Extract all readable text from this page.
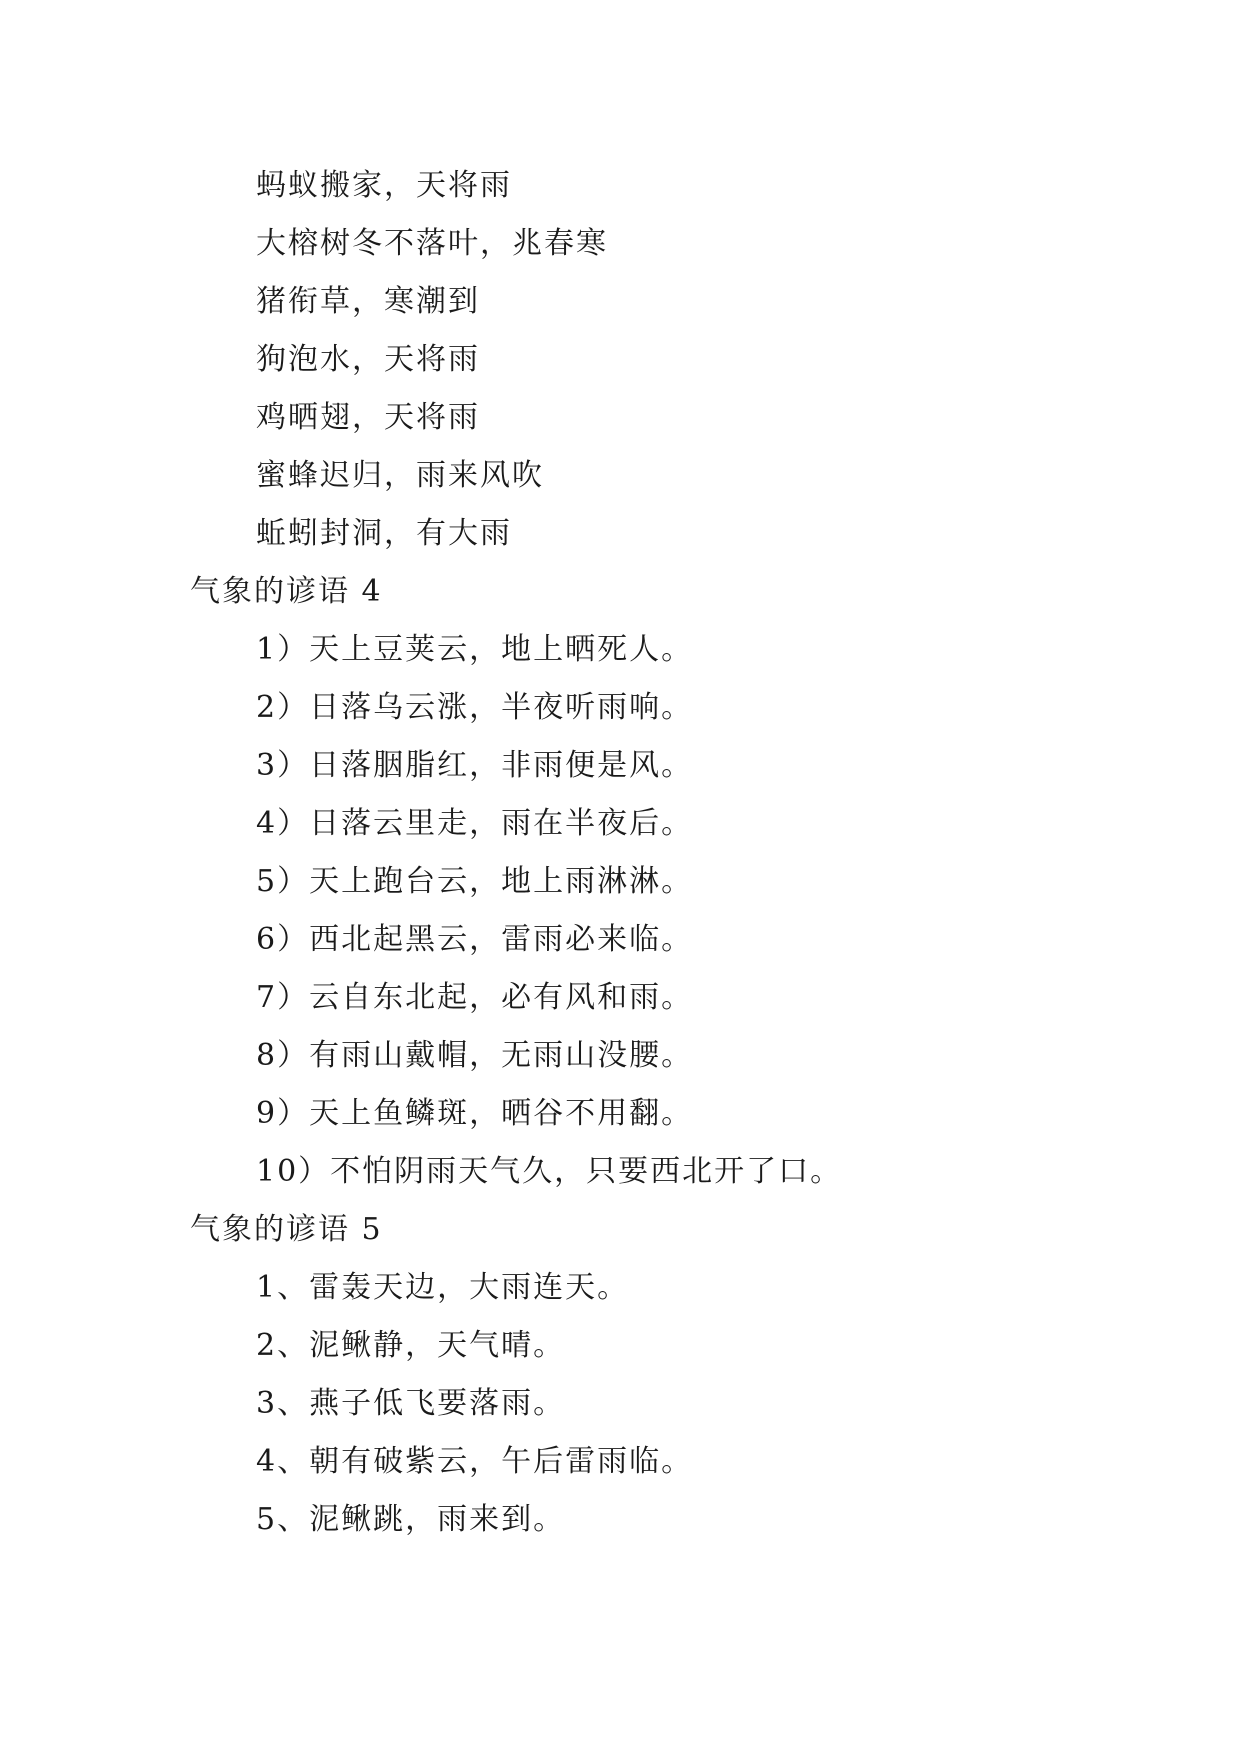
蚂蚁搬家，天将雨
大榕树冬不落叶，兆春寒
猪衔草，寒潮到
狗泡水，天将雨
鸡晒翅，天将雨
蜜蜂迟归，雨来风吹
蚯蚓封洞，有大雨
气象的谚语 4
1）天上豆荚云，地上晒死人。
2）日落乌云涨，半夜听雨响。
3）日落胭脂红，非雨便是风。
4）日落云里走，雨在半夜后。
5）天上跑台云，地上雨淋淋。
6）西北起黑云，雷雨必来临。
7）云自东北起，必有风和雨。
8）有雨山戴帽，无雨山没腰。
9）天上鱼鳞斑，晒谷不用翻。
10）不怕阴雨天气久，只要西北开了口。
气象的谚语 5
1、雷轰天边，大雨连天。
2、泥鳅静，天气晴。
3、燕子低飞要落雨。
4、朝有破紫云，午后雷雨临。
5、泥鳅跳，雨来到。
